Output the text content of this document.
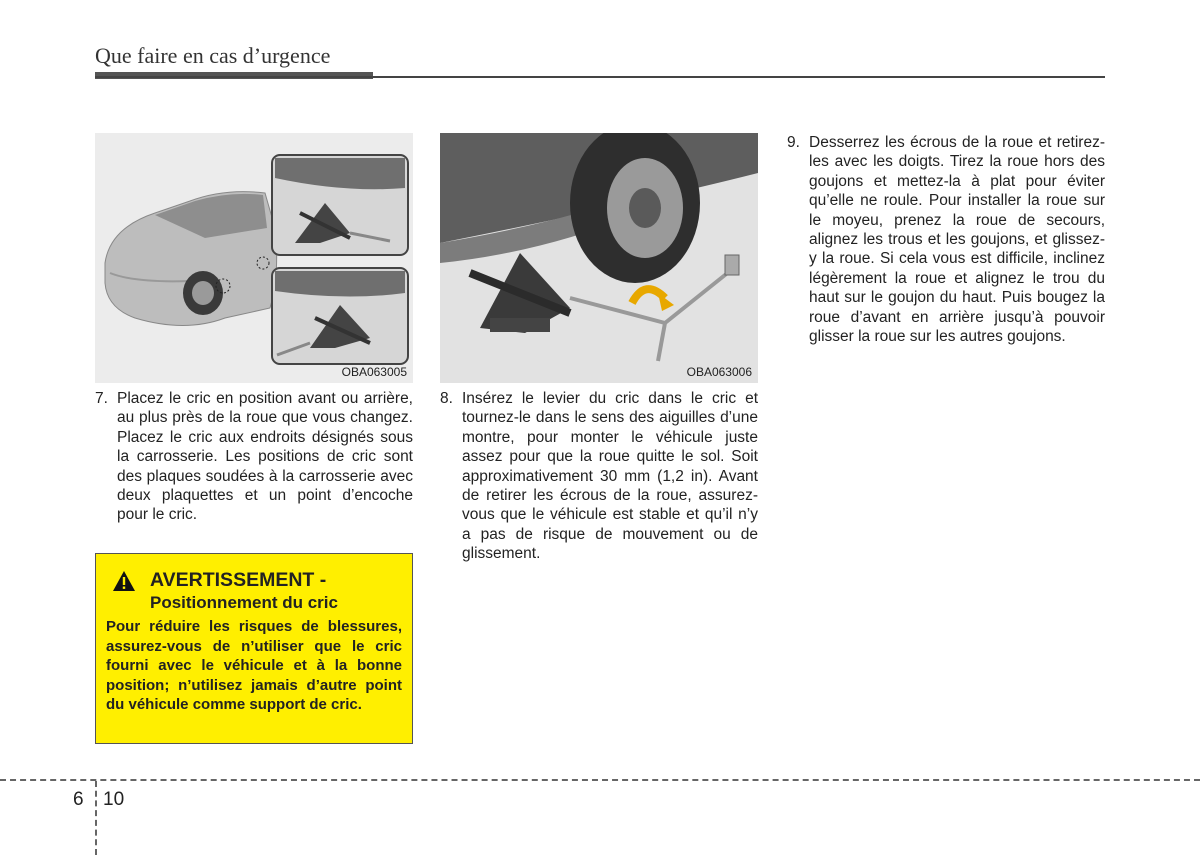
Que faire en cas d’urgence
OBA063005	OBA063006
7. Placez le cric en position avant ou arrière, au plus près de la roue que vous changez. Placez le cric aux endroits désignés sous la carrosserie. Les positions de cric sont des plaques soudées à la carrosserie avec deux plaquettes et un point d’encoche pour le cric.
8. Insérez le levier du cric dans le cric et tournez-le dans le sens des aiguilles d’une montre, pour monter le véhicule juste assez pour que la roue quitte le sol. Soit approximativement 30 mm (1,2 in). Avant de retirer les écrous de la roue, assurez-vous que le véhicule est stable et qu’il n’y a pas de risque de mouvement ou de glissement.
9. Desserrez les écrous de la roue et retirez-les avec les doigts. Tirez la roue hors des goujons et mettez-la à plat pour éviter qu’elle ne roule. Pour installer la roue sur le moyeu, prenez la roue de secours, alignez les trous et les goujons, et glissez-y la roue. Si cela vous est difficile, inclinez légèrement la roue et alignez le trou du haut sur le goujon du haut. Puis bougez la roue d’avant en arrière jusqu’à pouvoir glisser la roue sur les autres goujons.
AVERTISSEMENT -
Positionnement du cric
Pour réduire les risques de blessures, assurez-vous de n’utiliser que le cric fourni avec le véhicule et à la bonne position; n’utilisez jamais d’autre point du véhicule comme support de cric.
6 10
